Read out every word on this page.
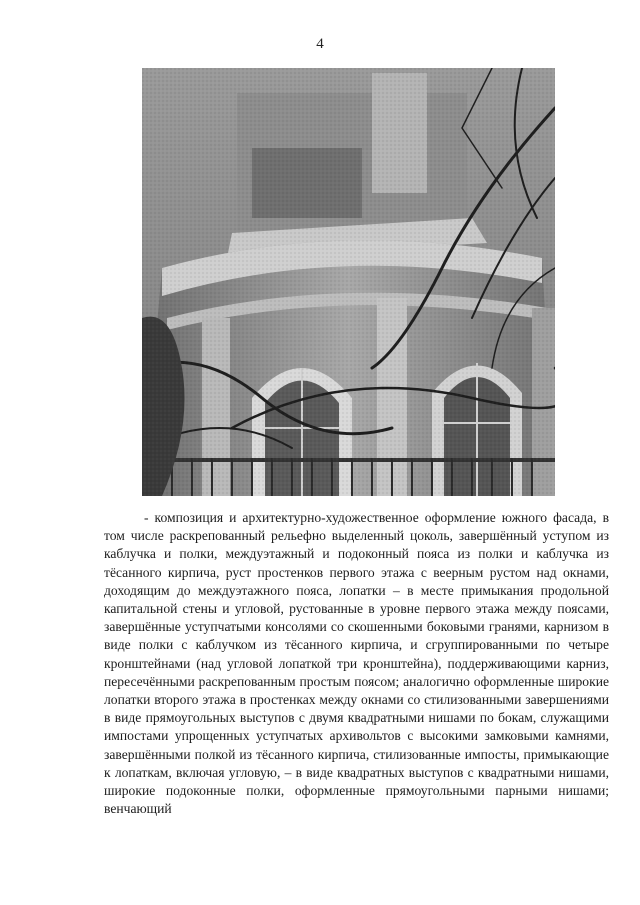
4
- композиция и архитектурно-художественное оформление южного фасада, в том числе раскрепованный рельефно выделенный цоколь, завершённый уступом из каблучка и полки, междуэтажный и подоконный пояса из полки и каблучка из тёсанного кирпича, руст простенков первого этажа с веерным рустом над окнами, доходящим до междуэтажного пояса, лопатки – в месте примыкания продольной капитальной стены и угловой, рустованные в уровне первого этажа между поясами, завершённые уступчатыми консолями со скошенными боковыми гранями, карнизом в виде полки с каблучком из тёсанного кирпича, и сгруппированными по четыре кронштейнами (над угловой лопаткой три кронштейна), поддерживающими карниз, пересечёнными раскрепованным простым поясом; аналогично оформленные широкие лопатки второго этажа в простенках между окнами со стилизованными завершениями в виде прямоугольных выступов с двумя квадратными нишами по бокам, служащими импостами упрощенных уступчатых архивольтов с высокими замковыми камнями, завершёнными полкой из тёсанного кирпича, стилизованные импосты, примыкающие к лопаткам, включая угловую, – в виде квадратных выступов с квадратными нишами, широкие подоконные полки, оформленные прямоугольными парными нишами; венчающий
